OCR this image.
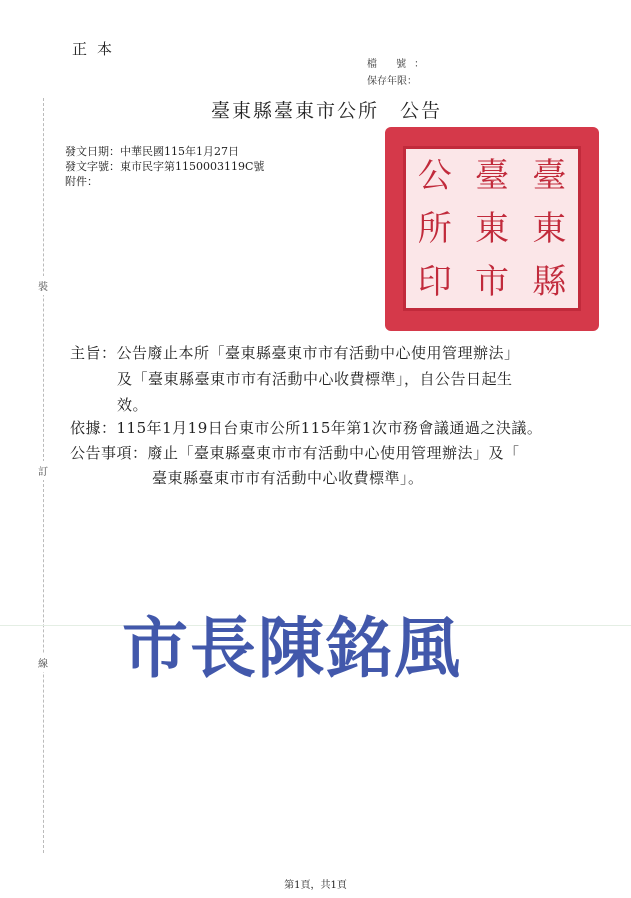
正本
檔 號：
保存年限：
臺東縣臺東市公所　公告
裝
訂
線
發文日期：中華民國115年1月27日
發文字號：東市民字第1150003119C號
附件：	臺
臺
公
東
東
所
縣
市
印
主旨：公告廢止本所「臺東縣臺東市市有活動中心使用管理辦法」
及「臺東縣臺東市市有活動中心收費標準」，自公告日起生
效。
依據：115年1月19日台東市公所115年第1次市務會議通過之決議。
公告事項：廢止「臺東縣臺東市市有活動中心使用管理辦法」及「
臺東縣臺東市市有活動中心收費標準」。
市長陳銘風
第1頁，共1頁
